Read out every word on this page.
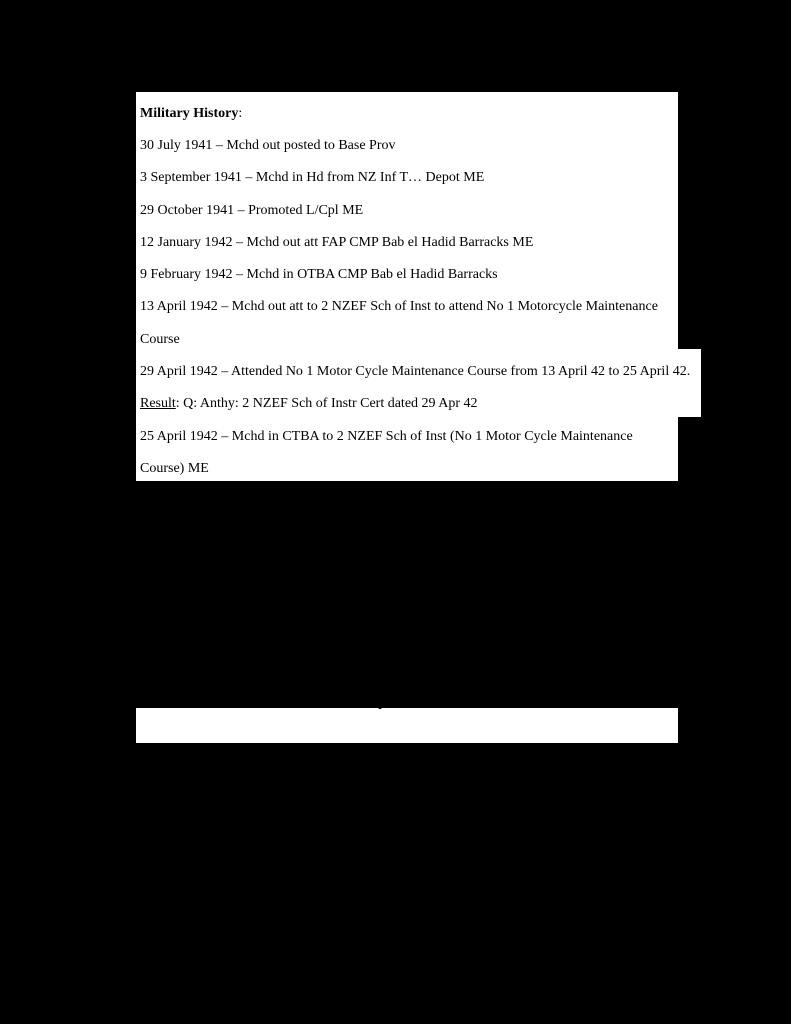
Military History:

30 July 1941 – Mchd out posted to Base Prov

3 September 1941 – Mchd in Hd from NZ Inf T… Depot ME

29 October 1941 – Promoted L/Cpl ME

12 January 1942 – Mchd out att FAP CMP Bab el Hadid Barracks ME

9 February 1942 – Mchd in OTBA CMP Bab el Hadid Barracks

13 April 1942 – Mchd out att to 2 NZEF Sch of Inst to attend No 1 Motorcycle Maintenance

Course

29 April 1942 – Attended No 1 Motor Cycle Maintenance Course from 13 April 42 to 25 April 42.

Result: Q: Anthy: 2 NZEF Sch of Instr Cert dated 29 Apr 42

25 April 1942 – Mchd in CTBA to 2 NZEF Sch of Inst (No 1 Motor Cycle Maintenance

Course) ME
